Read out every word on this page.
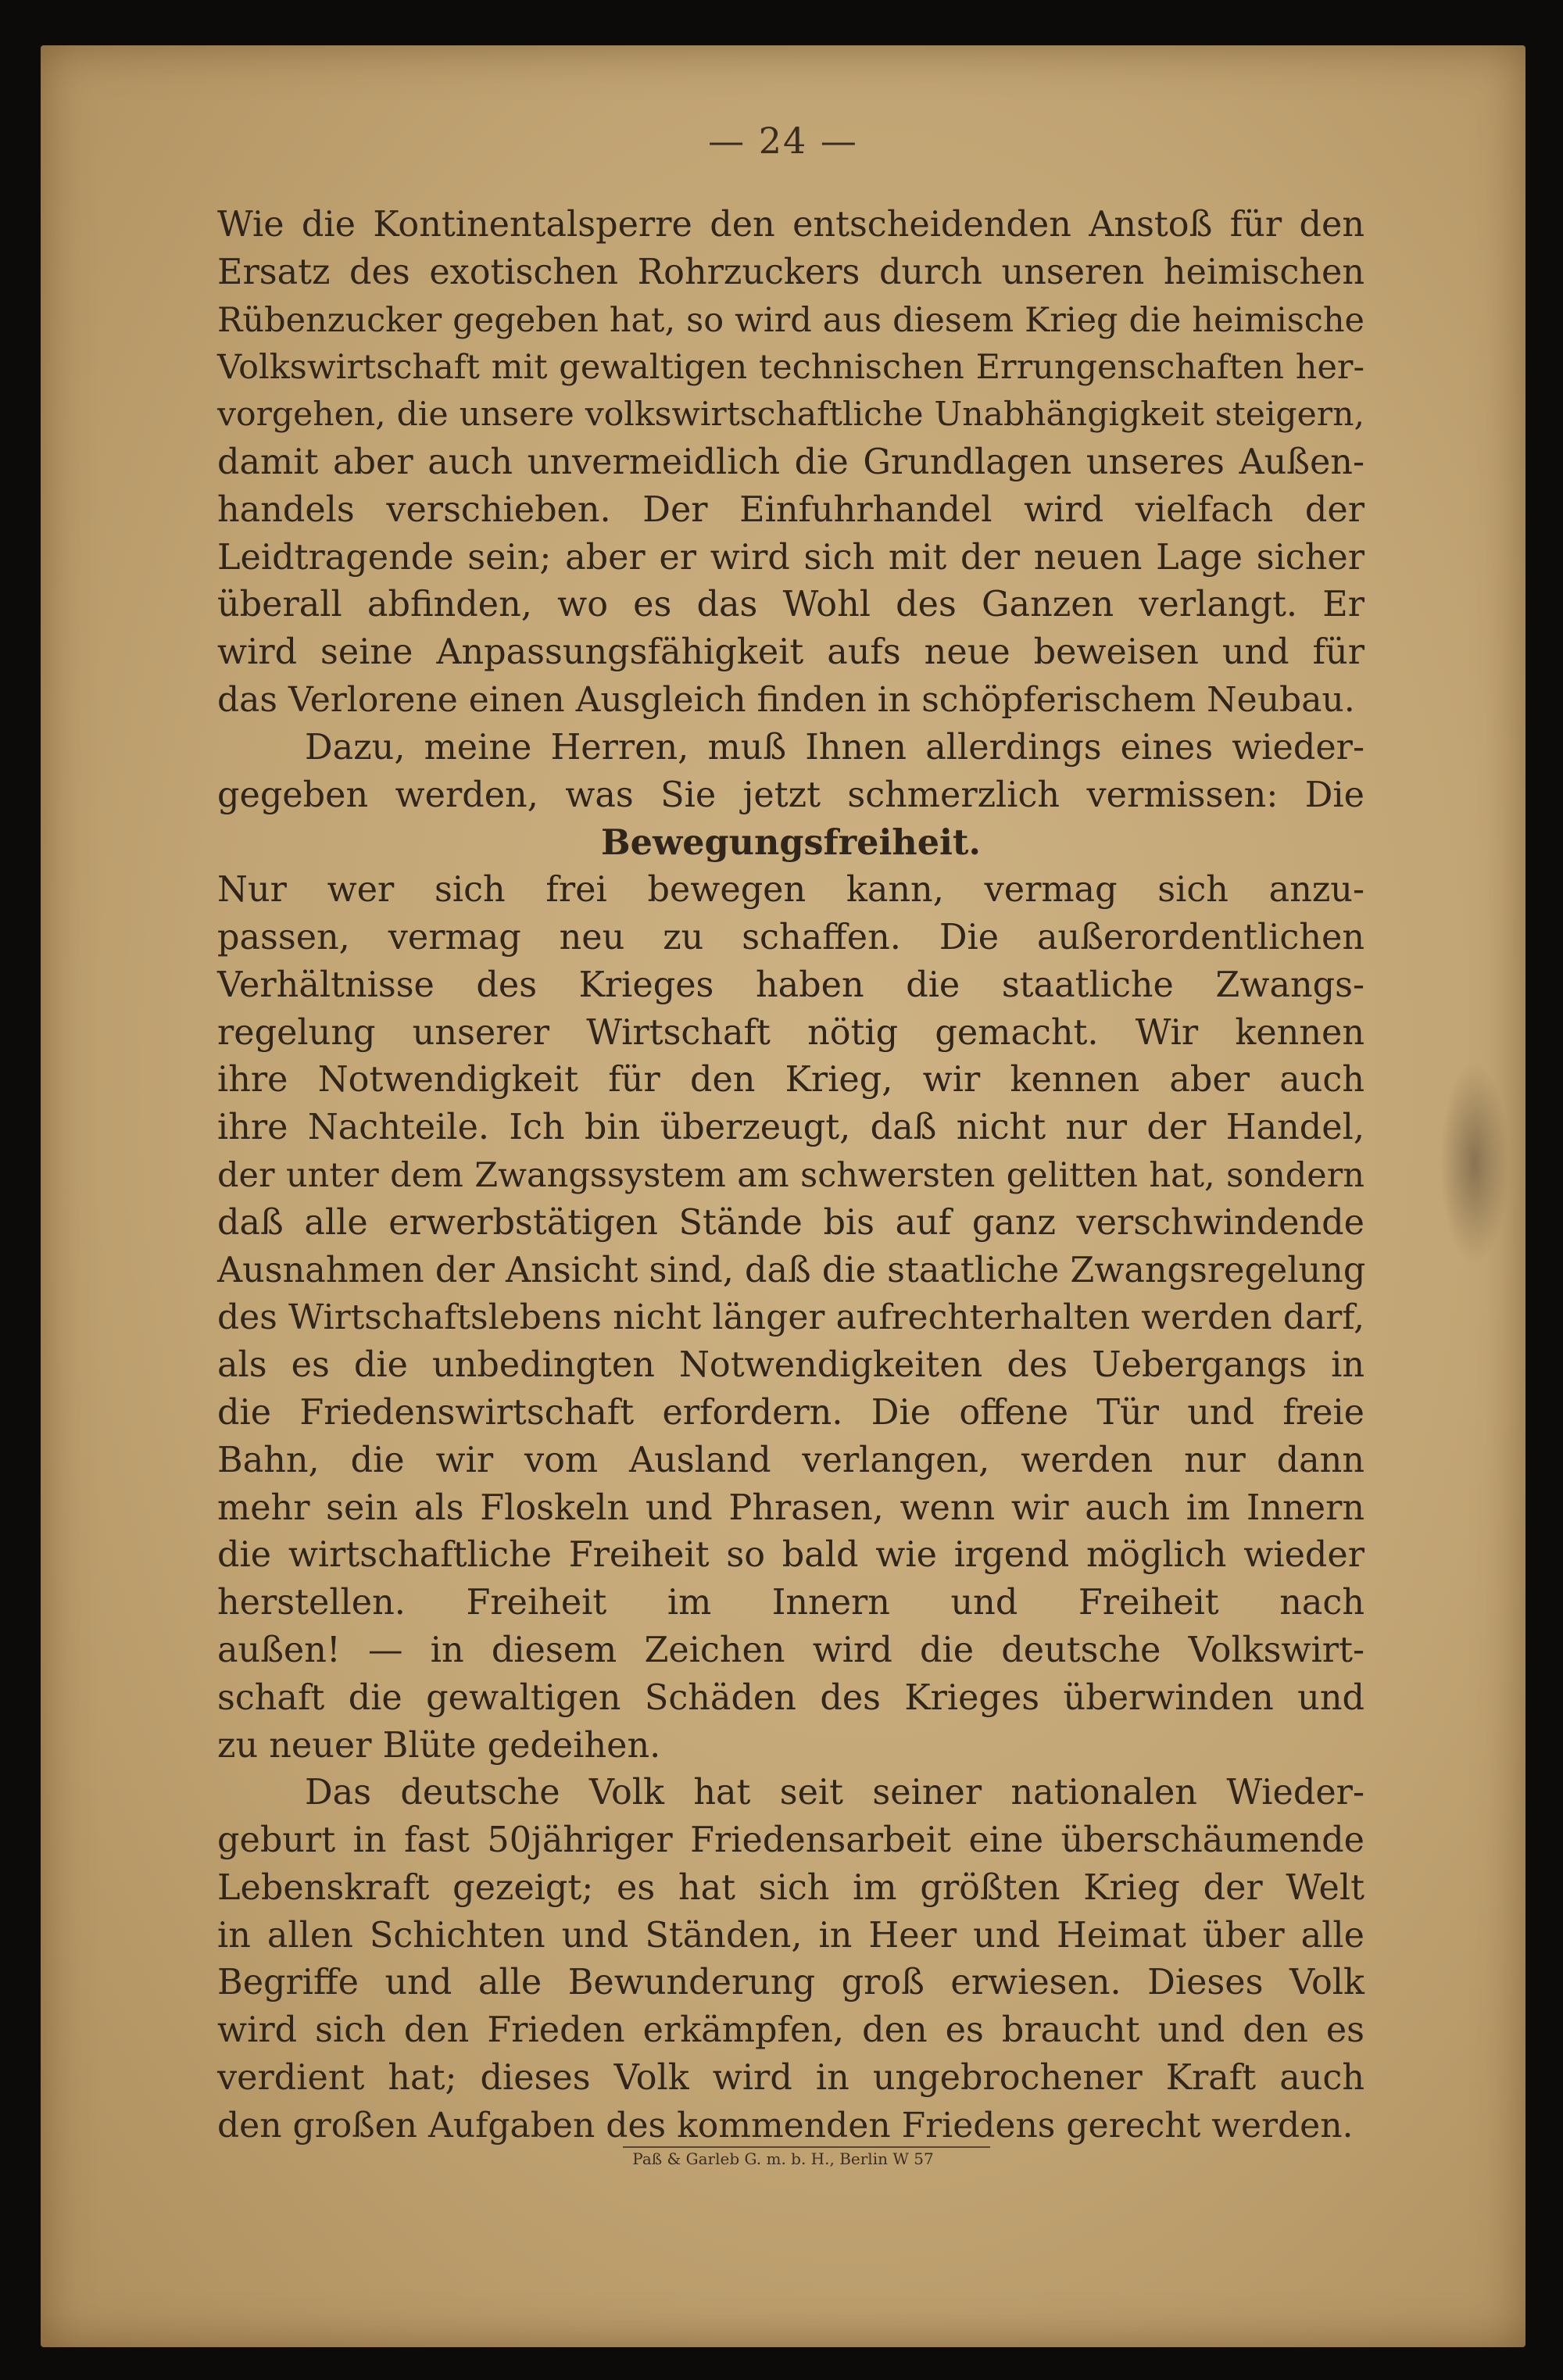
— 24 —
Wie die Kontinentalsperre den entscheidenden Anstoß für den
Ersatz des exotischen Rohrzuckers durch unseren heimischen
Rübenzucker gegeben hat, so wird aus diesem Krieg die heimische
Volkswirtschaft mit gewaltigen technischen Errungenschaften her-
vorgehen, die unsere volkswirtschaftliche Unabhängigkeit steigern,
damit aber auch unvermeidlich die Grundlagen unseres Außen-
handels verschieben. Der Einfuhrhandel wird vielfach der
Leidtragende sein; aber er wird sich mit der neuen Lage sicher
überall abfinden, wo es das Wohl des Ganzen verlangt. Er
wird seine Anpassungsfähigkeit aufs neue beweisen und für
das Verlorene einen Ausgleich finden in schöpferischem Neubau.
Dazu, meine Herren, muß Ihnen allerdings eines wieder-
gegeben werden, was Sie jetzt schmerzlich vermissen: Die
Bewegungsfreiheit.
Nur wer sich frei bewegen kann, vermag sich anzu-
passen, vermag neu zu schaffen. Die außerordentlichen
Verhältnisse des Krieges haben die staatliche Zwangs-
regelung unserer Wirtschaft nötig gemacht. Wir kennen
ihre Notwendigkeit für den Krieg, wir kennen aber auch
ihre Nachteile. Ich bin überzeugt, daß nicht nur der Handel,
der unter dem Zwangssystem am schwersten gelitten hat, sondern
daß alle erwerbstätigen Stände bis auf ganz verschwindende
Ausnahmen der Ansicht sind, daß die staatliche Zwangsregelung
des Wirtschaftslebens nicht länger aufrechterhalten werden darf,
als es die unbedingten Notwendigkeiten des Uebergangs in
die Friedenswirtschaft erfordern. Die offene Tür und freie
Bahn, die wir vom Ausland verlangen, werden nur dann
mehr sein als Floskeln und Phrasen, wenn wir auch im Innern
die wirtschaftliche Freiheit so bald wie irgend möglich wieder
herstellen. Freiheit im Innern und Freiheit nach
außen! — in diesem Zeichen wird die deutsche Volkswirt-
schaft die gewaltigen Schäden des Krieges überwinden und
zu neuer Blüte gedeihen.
Das deutsche Volk hat seit seiner nationalen Wieder-
geburt in fast 50jähriger Friedensarbeit eine überschäumende
Lebenskraft gezeigt; es hat sich im größten Krieg der Welt
in allen Schichten und Ständen, in Heer und Heimat über alle
Begriffe und alle Bewunderung groß erwiesen. Dieses Volk
wird sich den Frieden erkämpfen, den es braucht und den es
verdient hat; dieses Volk wird in ungebrochener Kraft auch
den großen Aufgaben des kommenden Friedens gerecht werden.
Paß & Garleb G. m. b. H., Berlin W 57
